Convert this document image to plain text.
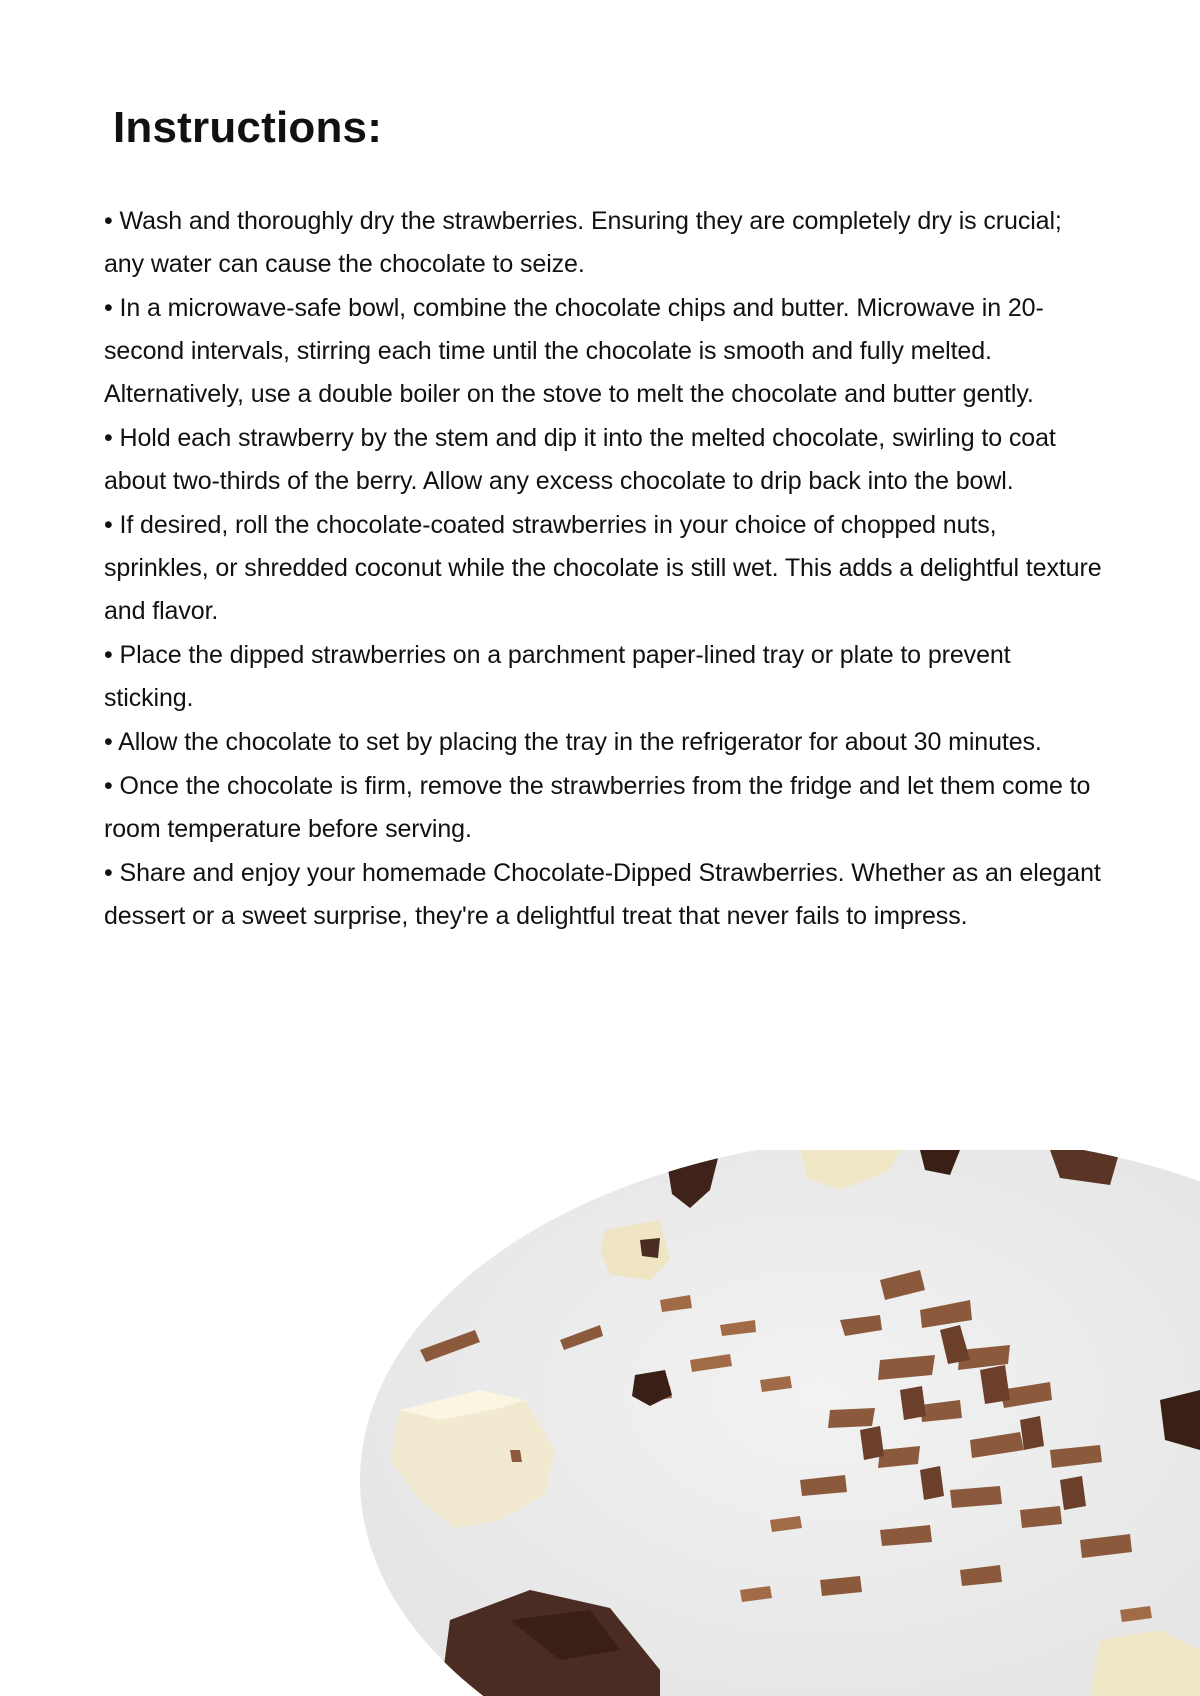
Instructions:
• Wash and thoroughly dry the strawberries. Ensuring they are completely dry is crucial; any water can cause the chocolate to seize.
• In a microwave-safe bowl, combine the chocolate chips and butter. Microwave in 20-second intervals, stirring each time until the chocolate is smooth and fully melted. Alternatively, use a double boiler on the stove to melt the chocolate and butter gently.
• Hold each strawberry by the stem and dip it into the melted chocolate, swirling to coat about two-thirds of the berry. Allow any excess chocolate to drip back into the bowl.
• If desired, roll the chocolate-coated strawberries in your choice of chopped nuts, sprinkles, or shredded coconut while the chocolate is still wet. This adds a delightful texture and flavor.
• Place the dipped strawberries on a parchment paper-lined tray or plate to prevent sticking.
• Allow the chocolate to set by placing the tray in the refrigerator for about 30 minutes.
• Once the chocolate is firm, remove the strawberries from the fridge and let them come to room temperature before serving.
• Share and enjoy your homemade Chocolate-Dipped Strawberries. Whether as an elegant dessert or a sweet surprise, they're a delightful treat that never fails to impress.
